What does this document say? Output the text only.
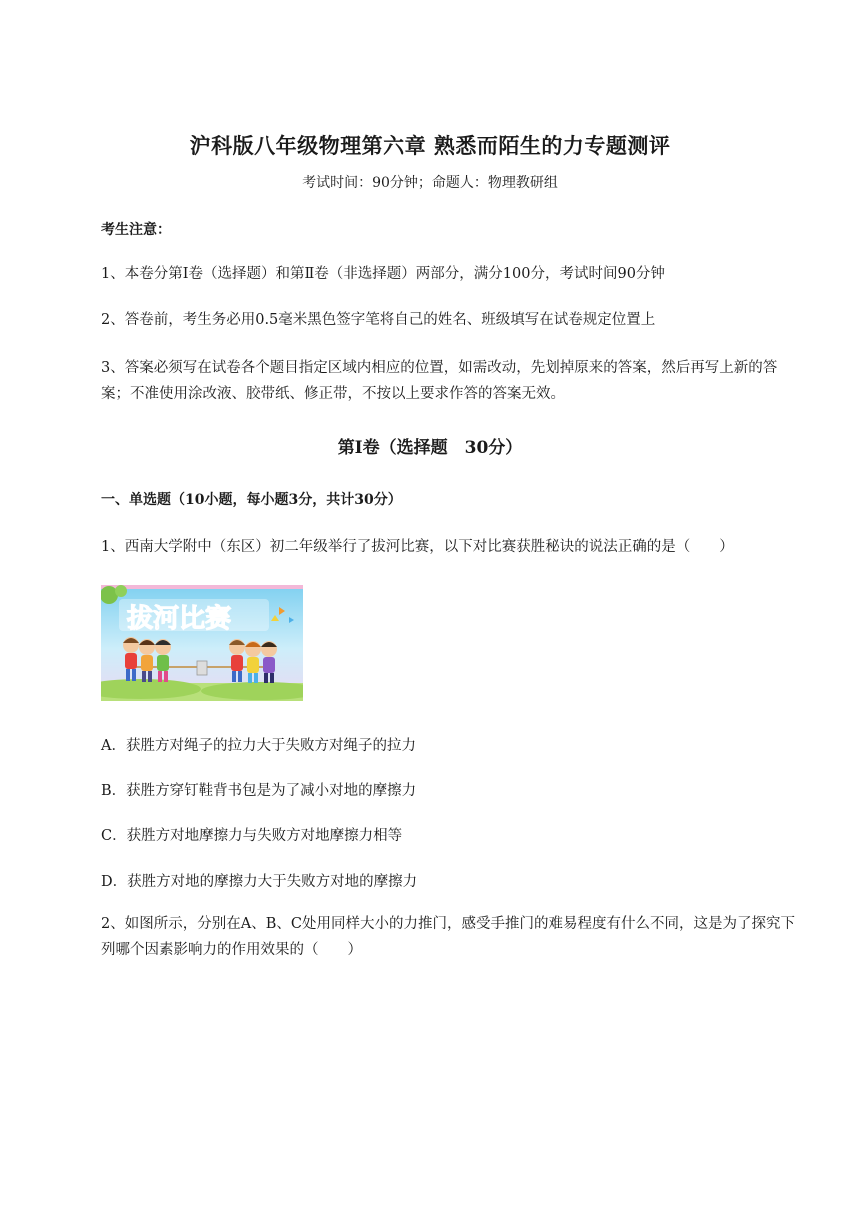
沪科版八年级物理第六章 熟悉而陌生的力专题测评
考试时间：90分钟；命题人：物理教研组
考生注意：
1、本卷分第Ⅰ卷（选择题）和第Ⅱ卷（非选择题）两部分，满分100分，考试时间90分钟
2、答卷前，考生务必用0.5毫米黑色签字笔将自己的姓名、班级填写在试卷规定位置上
3、答案必须写在试卷各个题目指定区域内相应的位置，如需改动，先划掉原来的答案，然后再写上新的答案；不准使用涂改液、胶带纸、修正带，不按以上要求作答的答案无效。
第Ⅰ卷（选择题　30分）
一、单选题（10小题，每小题3分，共计30分）
1、西南大学附中（东区）初二年级举行了拔河比赛，以下对比赛获胜秘诀的说法正确的是（　　）
拔河比赛
A．获胜方对绳子的拉力大于失败方对绳子的拉力
B．获胜方穿钉鞋背书包是为了减小对地的摩擦力
C．获胜方对地摩擦力与失败方对地摩擦力相等
D．获胜方对地的摩擦力大于失败方对地的摩擦力
2、如图所示，分别在A、B、C处用同样大小的力推门，感受手推门的难易程度有什么不同，这是为了探究下列哪个因素影响力的作用效果的（　　）
